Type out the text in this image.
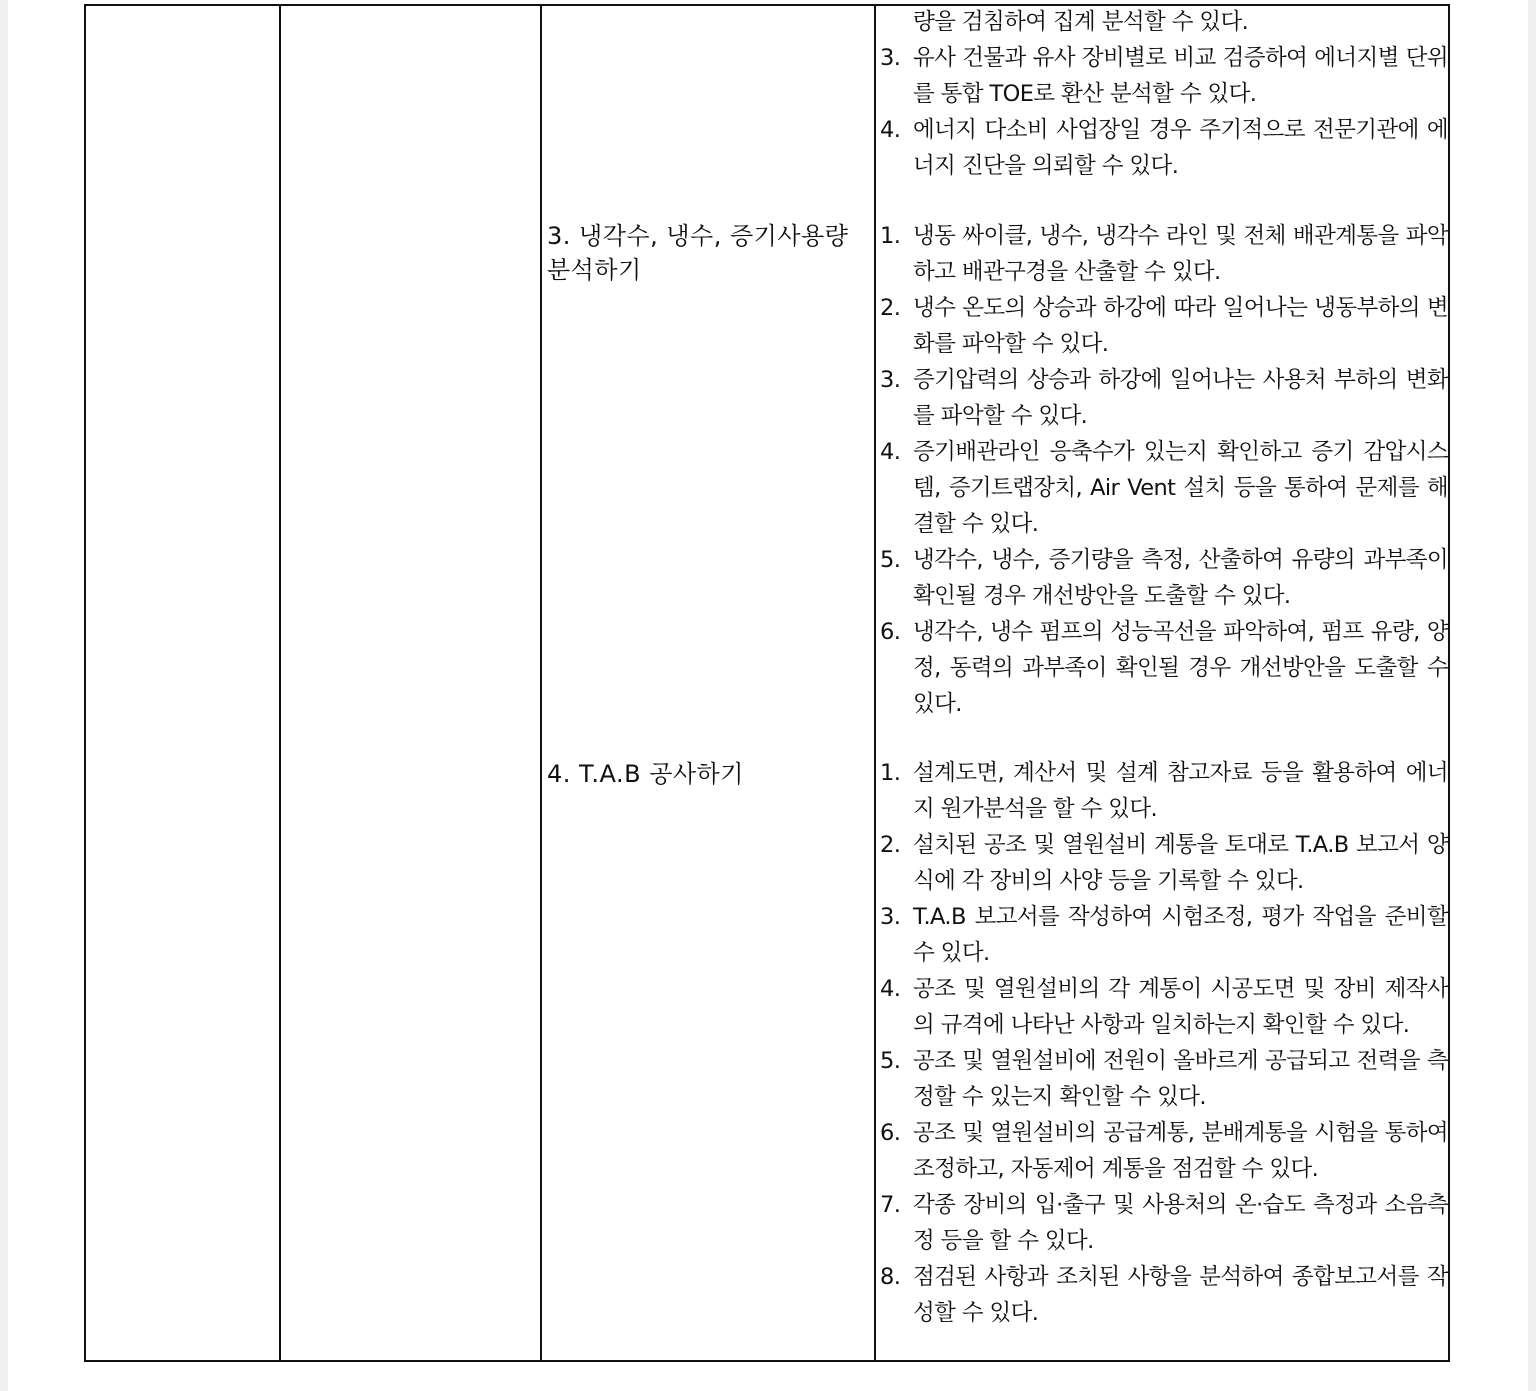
량을 검침하여 집계 분석할 수 있다.
3. 유사 건물과 유사 장비별로 비교 검증하여 에너지별 단위를 통합 TOE로 환산 분석할 수 있다.
4. 에너지 다소비 사업장일 경우 주기적으로 전문기관에 에너지 진단을 의뢰할 수 있다.
3. 냉각수, 냉수, 증기사용량
분석하기
1. 냉동 싸이클, 냉수, 냉각수 라인 및 전체 배관계통을 파악하고 배관구경을 산출할 수 있다.
2. 냉수 온도의 상승과 하강에 따라 일어나는 냉동부하의 변화를 파악할 수 있다.
3. 증기압력의 상승과 하강에 일어나는 사용처 부하의 변화를 파악할 수 있다.
4. 증기배관라인 응축수가 있는지 확인하고 증기 감압시스템, 증기트랩장치, Air Vent 설치 등을 통하여 문제를 해결할 수 있다.
5. 냉각수, 냉수, 증기량을 측정, 산출하여 유량의 과부족이 확인될 경우 개선방안을 도출할 수 있다.
6. 냉각수, 냉수 펌프의 성능곡선을 파악하여, 펌프 유량, 양정, 동력의 과부족이 확인될 경우 개선방안을 도출할 수 있다.
4. T.A.B 공사하기	1. 설계도면, 계산서 및 설계 참고자료 등을 활용하여 에너지 원가분석을 할 수 있다.
2. 설치된 공조 및 열원설비 계통을 토대로 T.A.B 보고서 양식에 각 장비의 사양 등을 기록할 수 있다.
3. T.A.B 보고서를 작성하여 시험조정, 평가 작업을 준비할 수 있다.
4. 공조 및 열원설비의 각 계통이 시공도면 및 장비 제작사의 규격에 나타난 사항과 일치하는지 확인할 수 있다.
5. 공조 및 열원설비에 전원이 올바르게 공급되고 전력을 측정할 수 있는지 확인할 수 있다.
6. 공조 및 열원설비의 공급계통, 분배계통을 시험을 통하여 조정하고, 자동제어 계통을 점검할 수 있다.
7. 각종 장비의 입·출구 및 사용처의 온·습도 측정과 소음측정 등을 할 수 있다.
8. 점검된 사항과 조치된 사항을 분석하여 종합보고서를 작성할 수 있다.
